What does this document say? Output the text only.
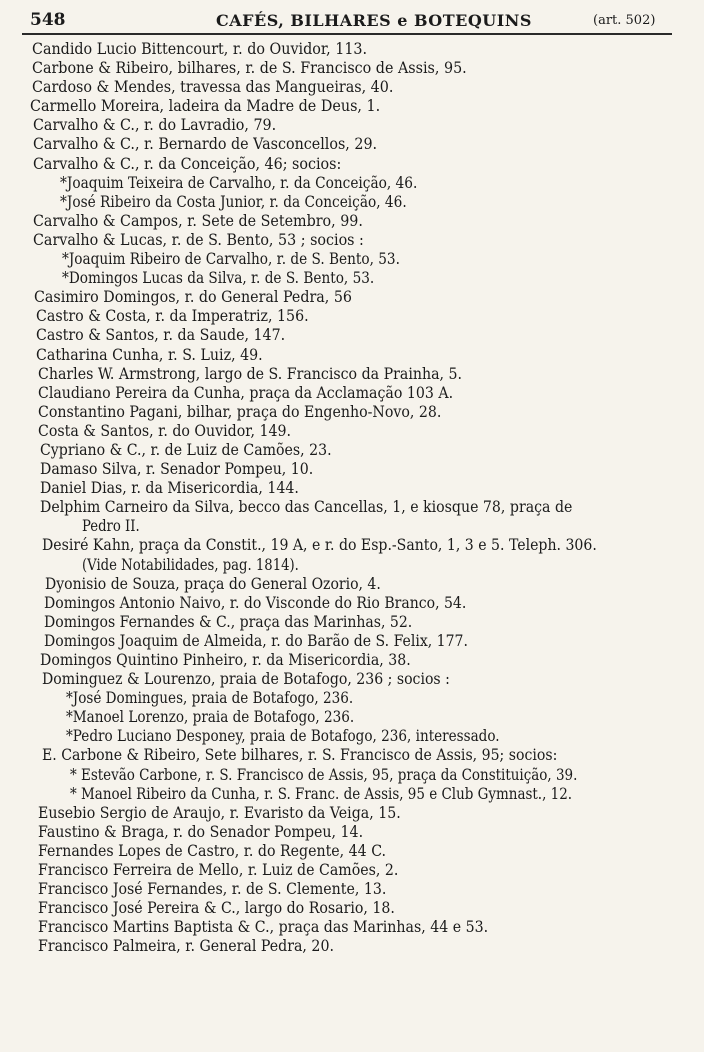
548	CAFÉS, BILHARES e BOTEQUINS	(art. 502)
Candido Lucio Bittencourt, r. do Ouvidor, 113.
Carbone & Ribeiro, bilhares, r. de S. Francisco de Assis, 95.
Cardoso & Mendes, travessa das Mangueiras, 40.
Carmello Moreira, ladeira da Madre de Deus, 1.
Carvalho & C., r. do Lavradio, 79.
Carvalho & C., r. Bernardo de Vasconcellos, 29.
Carvalho & C., r. da Conceição, 46; socios:
*Joaquim Teixeira de Carvalho, r. da Conceição, 46.
*José Ribeiro da Costa Junior, r. da Conceição, 46.
Carvalho & Campos, r. Sete de Setembro, 99.
Carvalho & Lucas, r. de S. Bento, 53 ; socios :
*Joaquim Ribeiro de Carvalho, r. de S. Bento, 53.
*Domingos Lucas da Silva, r. de S. Bento, 53.
Casimiro Domingos, r. do General Pedra, 56
Castro & Costa, r. da Imperatriz, 156.
Castro & Santos, r. da Saude, 147.
Catharina Cunha, r. S. Luiz, 49.
Charles W. Armstrong, largo de S. Francisco da Prainha, 5.
Claudiano Pereira da Cunha, praça da Acclamação 103 A.
Constantino Pagani, bilhar, praça do Engenho-Novo, 28.
Costa & Santos, r. do Ouvidor, 149.
Cypriano & C., r. de Luiz de Camões, 23.
Damaso Silva, r. Senador Pompeu, 10.
Daniel Dias, r. da Misericordia, 144.
Delphim Carneiro da Silva, becco das Cancellas, 1, e kiosque 78, praça de
Pedro II.
Desiré Kahn, praça da Constit., 19 A, e r. do Esp.-Santo, 1, 3 e 5. Teleph. 306.
(Vide Notabilidades, pag. 1814).
Dyonisio de Souza, praça do General Ozorio, 4.
Domingos Antonio Naivo, r. do Visconde do Rio Branco, 54.
Domingos Fernandes & C., praça das Marinhas, 52.
Domingos Joaquim de Almeida, r. do Barão de S. Felix, 177.
Domingos Quintino Pinheiro, r. da Misericordia, 38.
Dominguez & Lourenzo, praia de Botafogo, 236 ; socios :
*José Domingues, praia de Botafogo, 236.
*Manoel Lorenzo, praia de Botafogo, 236.
*Pedro Luciano Desponey, praia de Botafogo, 236, interessado.
E. Carbone & Ribeiro, Sete bilhares, r. S. Francisco de Assis, 95; socios:
* Estevão Carbone, r. S. Francisco de Assis, 95, praça da Constituição, 39.
* Manoel Ribeiro da Cunha, r. S. Franc. de Assis, 95 e Club Gymnast., 12.
Eusebio Sergio de Araujo, r. Evaristo da Veiga, 15.
Faustino & Braga, r. do Senador Pompeu, 14.
Fernandes Lopes de Castro, r. do Regente, 44 C.
Francisco Ferreira de Mello, r. Luiz de Camões, 2.
Francisco José Fernandes, r. de S. Clemente, 13.
Francisco José Pereira & C., largo do Rosario, 18.
Francisco Martins Baptista & C., praça das Marinhas, 44 e 53.
Francisco Palmeira, r. General Pedra, 20.
